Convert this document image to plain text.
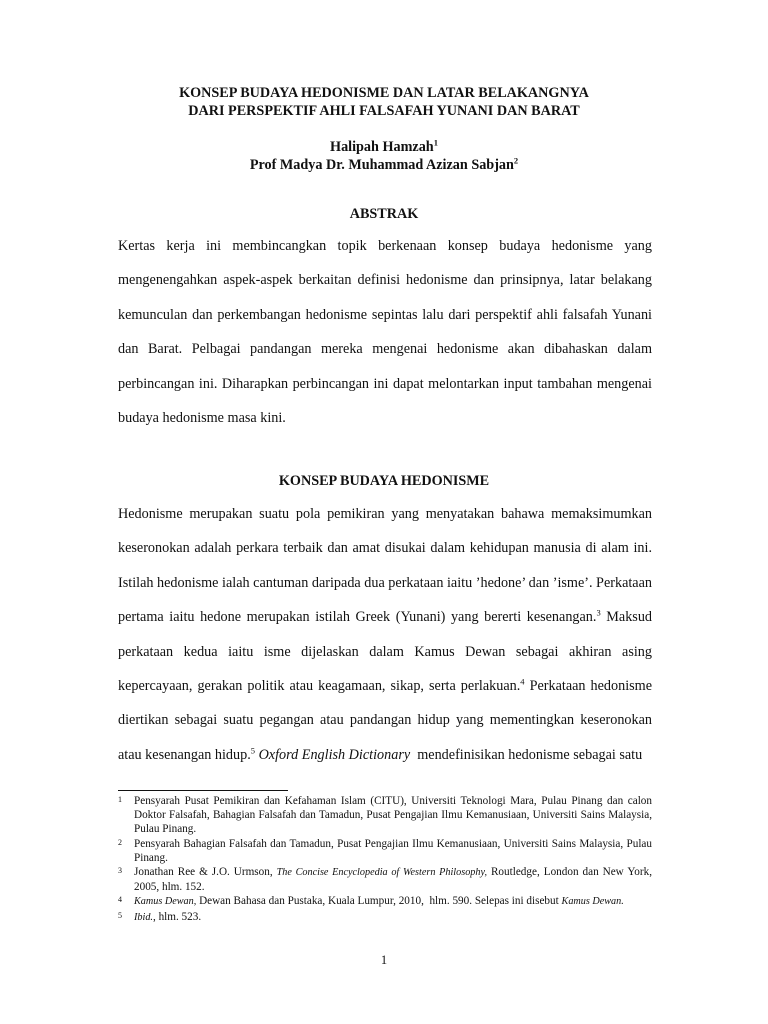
KONSEP BUDAYA HEDONISME DAN LATAR BELAKANGNYA
DARI PERSPEKTIF AHLI FALSAFAH YUNANI DAN BARAT
Halipah Hamzah$^1$
Prof Madya Dr. Muhammad Azizan Sabjan$^2$
ABSTRAK
Kertas kerja ini membincangkan topik berkenaan konsep budaya hedonisme yang mengenengahkan aspek-aspek berkaitan definisi hedonisme dan prinsipnya, latar belakang kemunculan dan perkembangan hedonisme sepintas lalu dari perspektif ahli falsafah Yunani dan Barat. Pelbagai pandangan mereka mengenai hedonisme akan dibahaskan dalam perbincangan ini. Diharapkan perbincangan ini dapat melontarkan input tambahan mengenai budaya hedonisme masa kini.
KONSEP BUDAYA HEDONISME
Hedonisme merupakan suatu pola pemikiran yang menyatakan bahawa memaksimumkan keseronokan adalah perkara terbaik dan amat disukai dalam kehidupan manusia di alam ini. Istilah hedonisme ialah cantuman daripada dua perkataan iaitu ’hedone’ dan ’isme’. Perkataan pertama iaitu hedone merupakan istilah Greek (Yunani) yang bererti kesenangan.$^3$ Maksud perkataan kedua iaitu isme dijelaskan dalam Kamus Dewan sebagai akhiran asing kepercayaan, gerakan politik atau keagamaan, sikap, serta perlakuan.$^4$ Perkataan hedonisme diertikan sebagai suatu pegangan atau pandangan hidup yang mementingkan keseronokan atau kesenangan hidup.$^5$ Oxford English Dictionary  mendefinisikan hedonisme sebagai satu
1	Pensyarah Pusat Pemikiran dan Kefahaman Islam (CITU), Universiti Teknologi Mara, Pulau Pinang dan calon Doktor Falsafah, Bahagian Falsafah dan Tamadun, Pusat Pengajian Ilmu Kemanusiaan, Universiti Sains Malaysia, Pulau Pinang.
2	Pensyarah Bahagian Falsafah dan Tamadun, Pusat Pengajian Ilmu Kemanusiaan, Universiti Sains Malaysia, Pulau Pinang.
3	Jonathan Ree & J.O. Urmson, The Concise Encyclopedia of Western Philosophy, Routledge, London dan New York, 2005, hlm. 152.
4	Kamus Dewan, Dewan Bahasa dan Pustaka, Kuala Lumpur, 2010,  hlm. 590. Selepas ini disebut Kamus Dewan.
5	Ibid., hlm. 523.
1
